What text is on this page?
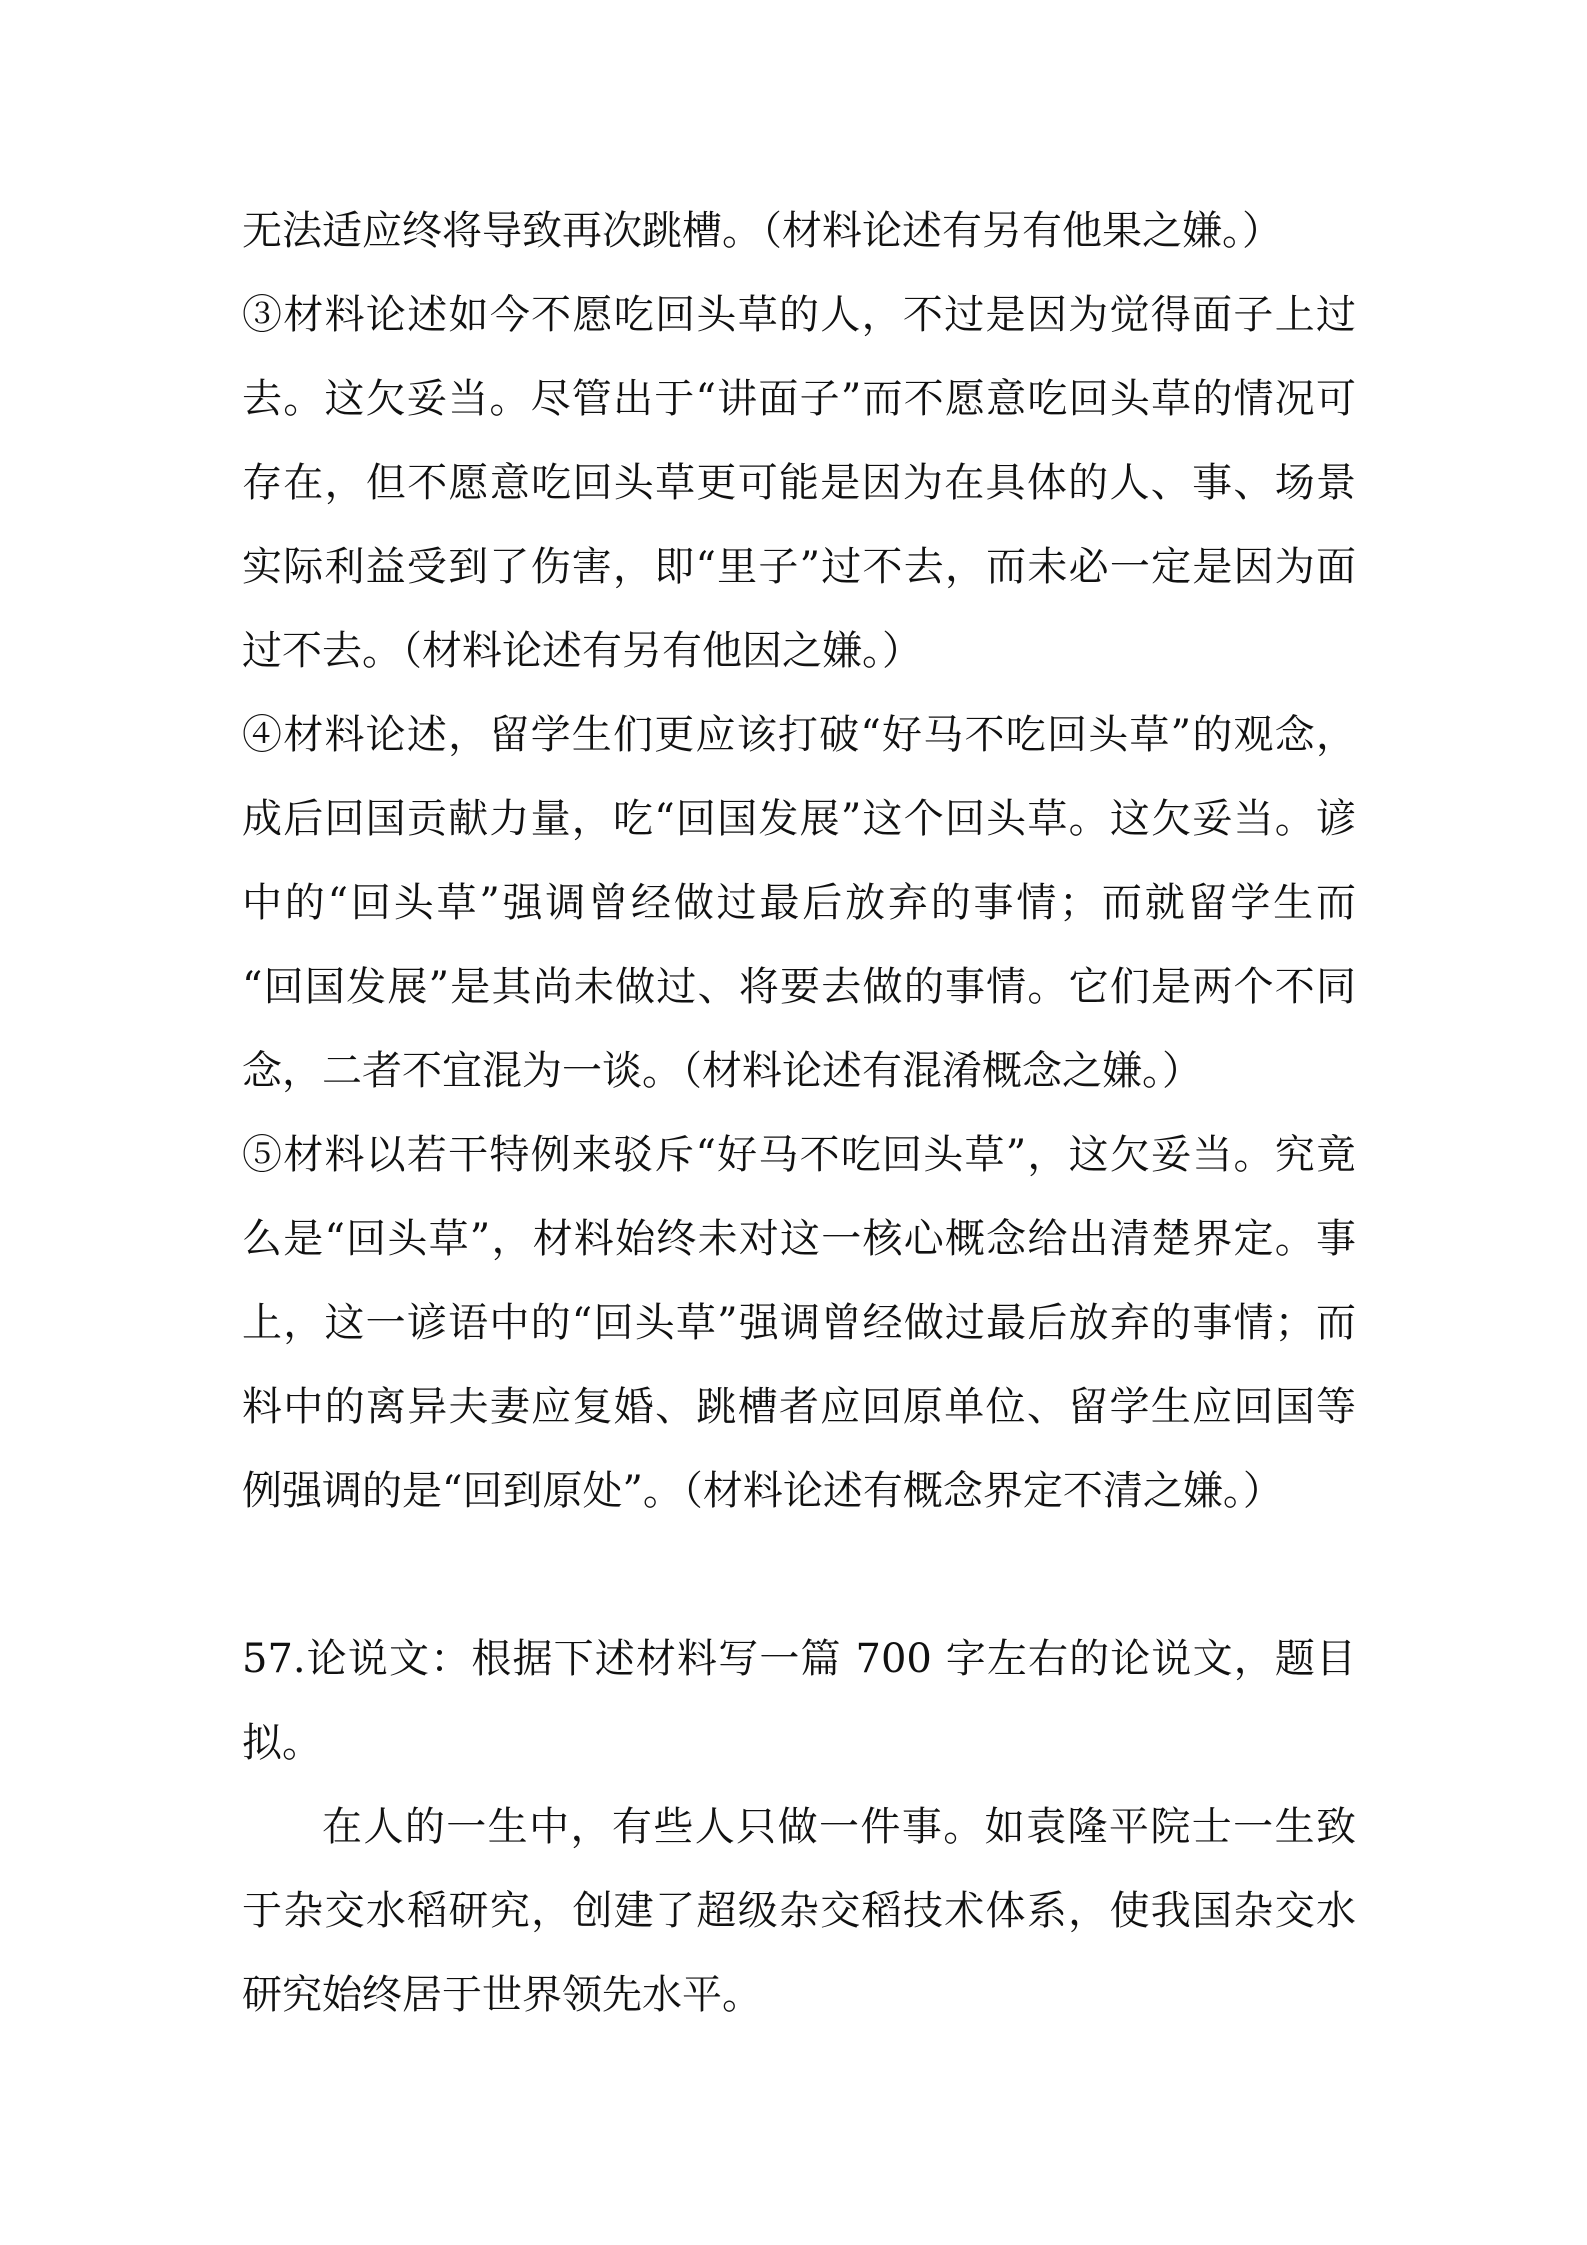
无法适应终将导致再次跳槽。（材料论述有另有他果之嫌。）
③材料论述如今不愿吃回头草的人，不过是因为觉得面子上过
去。这欠妥当。尽管出于“讲面子”而不愿意吃回头草的情况可
存在，但不愿意吃回头草更可能是因为在具体的人、事、场景
实际利益受到了伤害，即“里子”过不去，而未必一定是因为面
过不去。（材料论述有另有他因之嫌。）
④材料论述，留学生们更应该打破“好马不吃回头草”的观念，
成后回国贡献力量，吃“回国发展”这个回头草。这欠妥当。谚
中的“回头草”强调曾经做过最后放弃的事情；而就留学生而
“回国发展”是其尚未做过、将要去做的事情。它们是两个不同
念，二者不宜混为一谈。（材料论述有混淆概念之嫌。）
⑤材料以若干特例来驳斥“好马不吃回头草”，这欠妥当。究竟
么是“回头草”，材料始终未对这一核心概念给出清楚界定。事
上，这一谚语中的“回头草”强调曾经做过最后放弃的事情；而
料中的离异夫妻应复婚、跳槽者应回原单位、留学生应回国等
例强调的是“回到原处”。（材料论述有概念界定不清之嫌。）
57.论说文：根据下述材料写一篇 700 字左右的论说文，题目
拟。
在人的一生中，有些人只做一件事。如袁隆平院士一生致
于杂交水稻研究，创建了超级杂交稻技术体系，使我国杂交水
研究始终居于世界领先水平。
